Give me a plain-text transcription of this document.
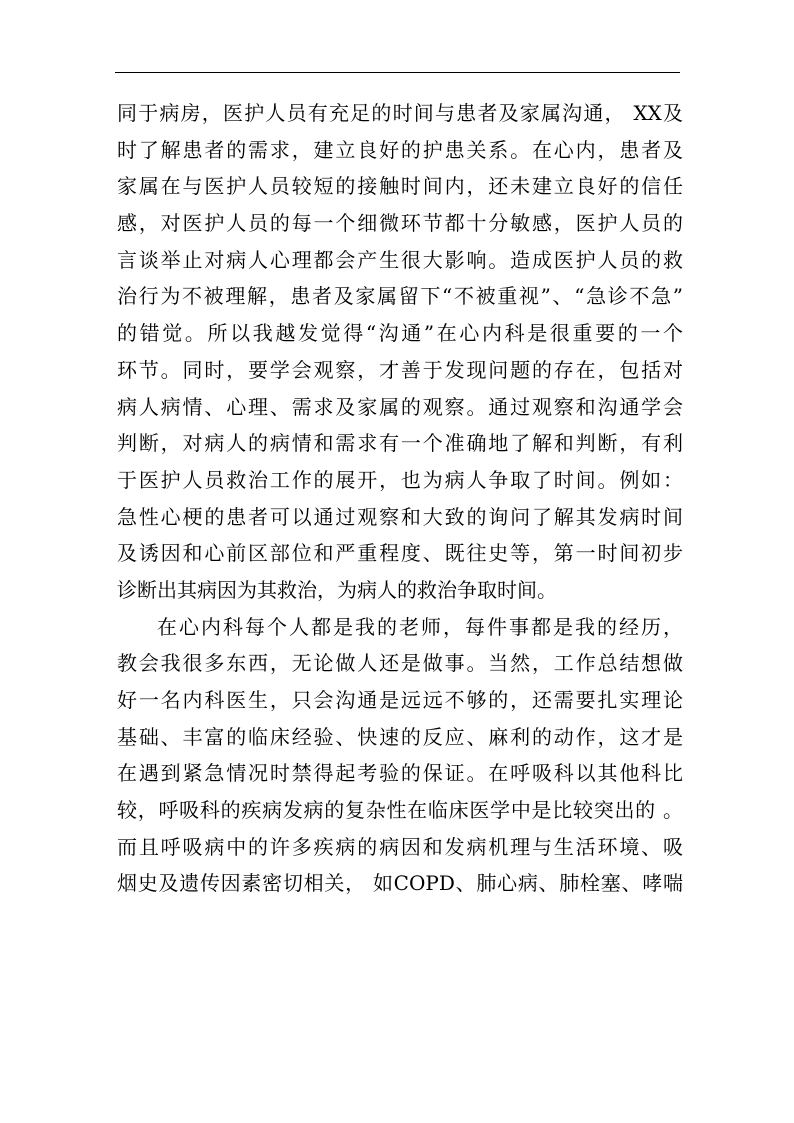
同于病房，医护人员有充足的时间与患者及家属沟通， XX及
时了解患者的需求，建立良好的护患关系。在心内，患者及
家属在与医护人员较短的接触时间内，还未建立良好的信任
感，对医护人员的每一个细微环节都十分敏感，医护人员的
言谈举止对病人心理都会产生很大影响。造成医护人员的救
治行为不被理解，患者及家属留下“不被重视”、“急诊不急”
的错觉。所以我越发觉得“沟通”在心内科是很重要的一个
环节。同时，要学会观察，才善于发现问题的存在，包括对
病人病情、心理、需求及家属的观察。通过观察和沟通学会
判断，对病人的病情和需求有一个准确地了解和判断，有利
于医护人员救治工作的展开，也为病人争取了时间。例如：
急性心梗的患者可以通过观察和大致的询问了解其发病时间
及诱因和心前区部位和严重程度、既往史等，第一时间初步
诊断出其病因为其救治，为病人的救治争取时间。
在心内科每个人都是我的老师，每件事都是我的经历，
教会我很多东西，无论做人还是做事。当然，工作总结想做
好一名内科医生，只会沟通是远远不够的，还需要扎实理论
基础、丰富的临床经验、快速的反应、麻利的动作，这才是
在遇到紧急情况时禁得起考验的保证。在呼吸科以其他科比
较，呼吸科的疾病发病的复杂性在临床医学中是比较突出的 。
而且呼吸病中的许多疾病的病因和发病机理与生活环境、吸
烟史及遗传因素密切相关， 如COPD、肺心病、肺栓塞、哮喘
